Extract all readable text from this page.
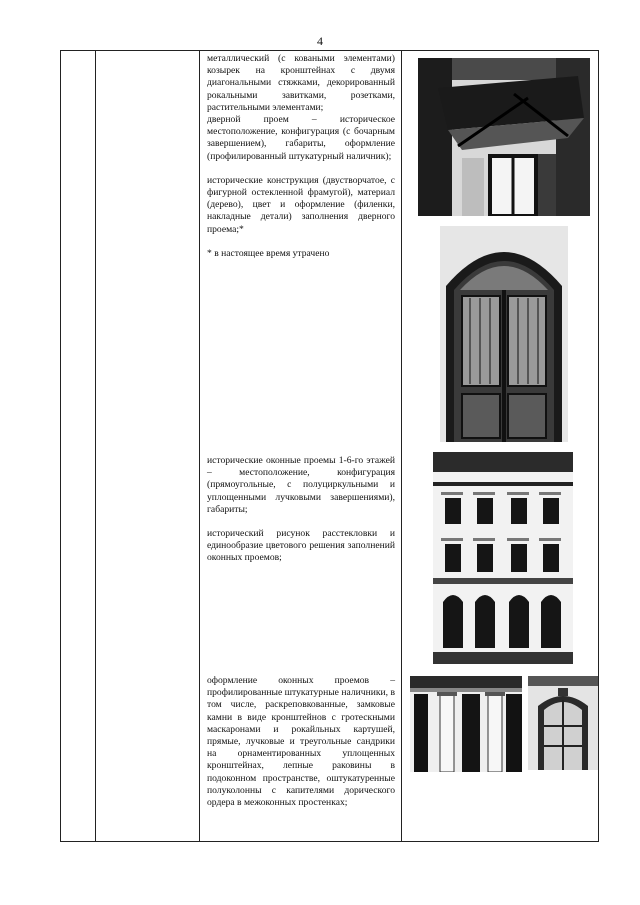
4

металлический (с коваными элементами) козырек на кронштейнах с двумя диагональными стяжками, декорированный рокальными завитками, розетками, растительными элементами;

дверной проем – историческое местоположение, конфигурация (с бочарным завершением), габариты, оформление (профилированный штукатурный наличник);

исторические конструкция (двустворчатое, с фигурной остекленной фрамугой), материал (дерево), цвет и оформление (филенки, накладные детали) заполнения дверного проема;*

* в настоящее время утрачено

исторические оконные проемы 1-6-го этажей – местоположение, конфигурация (прямоугольные, с полуциркульными и уплощенными лучковыми завершениями), габариты;

исторический рисунок расстекловки и единообразие цветового решения заполнений оконных проемов;

оформление оконных проемов – профилированные штукатурные наличники, в том числе, раскреповкованные, замковые камни в виде кронштейнов с гротескными маскаронами и рокайльных картушей, прямые, лучковые и треугольные сандрики на орнаментированных уплощенных кронштейнах, лепные раковины в подоконном пространстве, оштукатуренные полуколонны с капителями дорического ордера в межоконных простенках;
